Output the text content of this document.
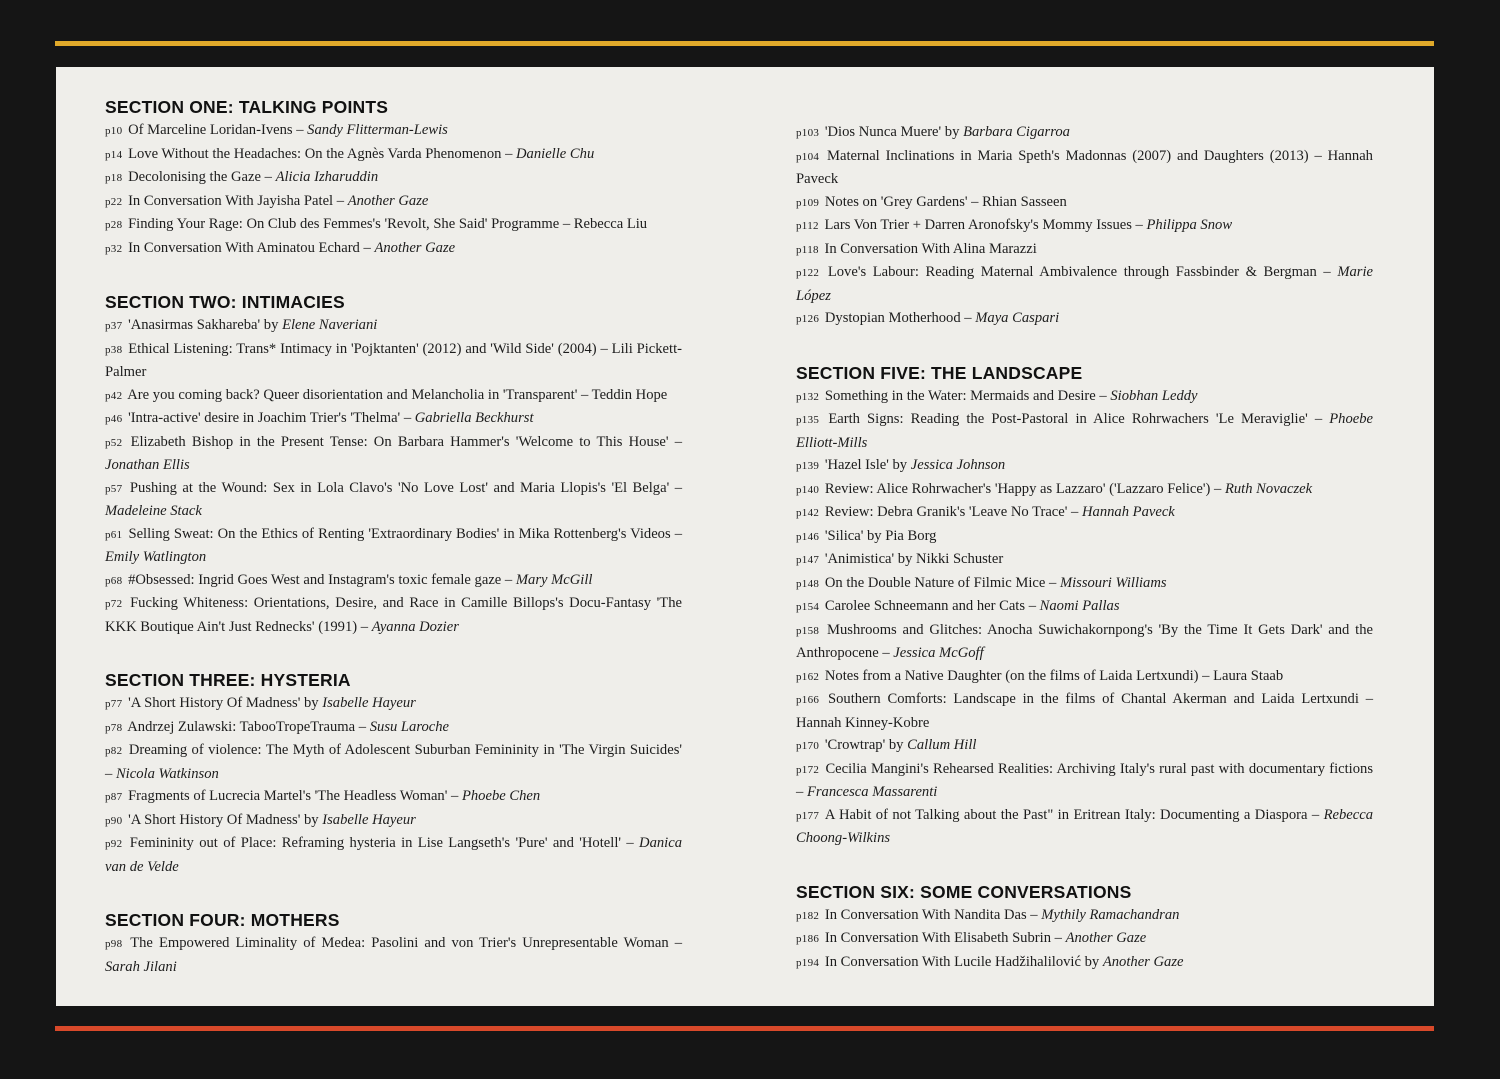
SECTION ONE: TALKING POINTS

p10 Of Marceline Loridan-Ivens – Sandy Flitterman-Lewis

p14 Love Without the Headaches: On the Agnès Varda Phenomenon – Danielle Chu

p18 Decolonising the Gaze – Alicia Izharuddin

p22 In Conversation With Jayisha Patel – Another Gaze

p28 Finding Your Rage: On Club des Femmes's 'Revolt, She Said' Programme – Rebecca Liu

p32 In Conversation With Aminatou Echard – Another Gaze

SECTION TWO: INTIMACIES

p37 'Anasirmas Sakhareba' by Elene Naveriani

p38 Ethical Listening: Trans* Intimacy in 'Pojktanten' (2012) and 'Wild Side' (2004) – Lili Pickett-Palmer

p42 Are you coming back? Queer disorientation and Melancholia in 'Transparent' – Teddin Hope

p46 'Intra-active' desire in Joachim Trier's 'Thelma' – Gabriella Beckhurst

p52 Elizabeth Bishop in the Present Tense: On Barbara Hammer's 'Welcome to This House' – Jonathan Ellis

p57 Pushing at the Wound: Sex in Lola Clavo's 'No Love Lost' and Maria Llopis's 'El Belga' – Madeleine Stack

p61 Selling Sweat: On the Ethics of Renting 'Extraordinary Bodies' in Mika Rottenberg's Videos – Emily Watlington

p68 #Obsessed: Ingrid Goes West and Instagram's toxic female gaze – Mary McGill

p72 Fucking Whiteness: Orientations, Desire, and Race in Camille Billops's Docu-Fantasy 'The KKK Boutique Ain't Just Rednecks' (1991) – Ayanna Dozier

SECTION THREE: HYSTERIA

p77 'A Short History Of Madness' by Isabelle Hayeur

p78 Andrzej Zulawski: TabooTropeTrauma – Susu Laroche

p82 Dreaming of violence: The Myth of Adolescent Suburban Femininity in 'The Virgin Suicides' – Nicola Watkinson

p87 Fragments of Lucrecia Martel's 'The Headless Woman' – Phoebe Chen

p90 'A Short History Of Madness' by Isabelle Hayeur

p92 Femininity out of Place: Reframing hysteria in Lise Langseth's 'Pure' and 'Hotell' – Danica van de Velde

SECTION FOUR: MOTHERS

p98 The Empowered Liminality of Medea: Pasolini and von Trier's Unrepresentable Woman – Sarah Jilani

p103 'Dios Nunca Muere' by Barbara Cigarroa

p104 Maternal Inclinations in Maria Speth's Madonnas (2007) and Daughters (2013) – Hannah Paveck

p109 Notes on 'Grey Gardens' – Rhian Sasseen

p112 Lars Von Trier + Darren Aronofsky's Mommy Issues – Philippa Snow

p118 In Conversation With Alina Marazzi

p122 Love's Labour: Reading Maternal Ambivalence through Fassbinder & Bergman – Marie López

p126 Dystopian Motherhood – Maya Caspari

SECTION FIVE: THE LANDSCAPE

p132 Something in the Water: Mermaids and Desire – Siobhan Leddy

p135 Earth Signs: Reading the Post-Pastoral in Alice Rohrwachers 'Le Meraviglie' – Phoebe Elliott-Mills

p139 'Hazel Isle' by Jessica Johnson

p140 Review: Alice Rohrwacher's 'Happy as Lazzaro' ('Lazzaro Felice') – Ruth Novaczek

p142 Review: Debra Granik's 'Leave No Trace' – Hannah Paveck

p146 'Silica' by Pia Borg

p147 'Animistica' by Nikki Schuster

p148 On the Double Nature of Filmic Mice – Missouri Williams

p154 Carolee Schneemann and her Cats – Naomi Pallas

p158 Mushrooms and Glitches: Anocha Suwichakornpong's 'By the Time It Gets Dark' and the Anthropocene – Jessica McGoff

p162 Notes from a Native Daughter (on the films of Laida Lertxundi) – Laura Staab

p166 Southern Comforts: Landscape in the films of Chantal Akerman and Laida Lertxundi – Hannah Kinney-Kobre

p170 'Crowtrap' by Callum Hill

p172 Cecilia Mangini's Rehearsed Realities: Archiving Italy's rural past with documentary fictions – Francesca Massarenti

p177 A Habit of not Talking about the Past" in Eritrean Italy: Documenting a Diaspora – Rebecca Choong-Wilkins

SECTION SIX: SOME CONVERSATIONS

p182 In Conversation With Nandita Das – Mythily Ramachandran

p186 In Conversation With Elisabeth Subrin – Another Gaze

p194 In Conversation With Lucile Hadžihalilović by Another Gaze
